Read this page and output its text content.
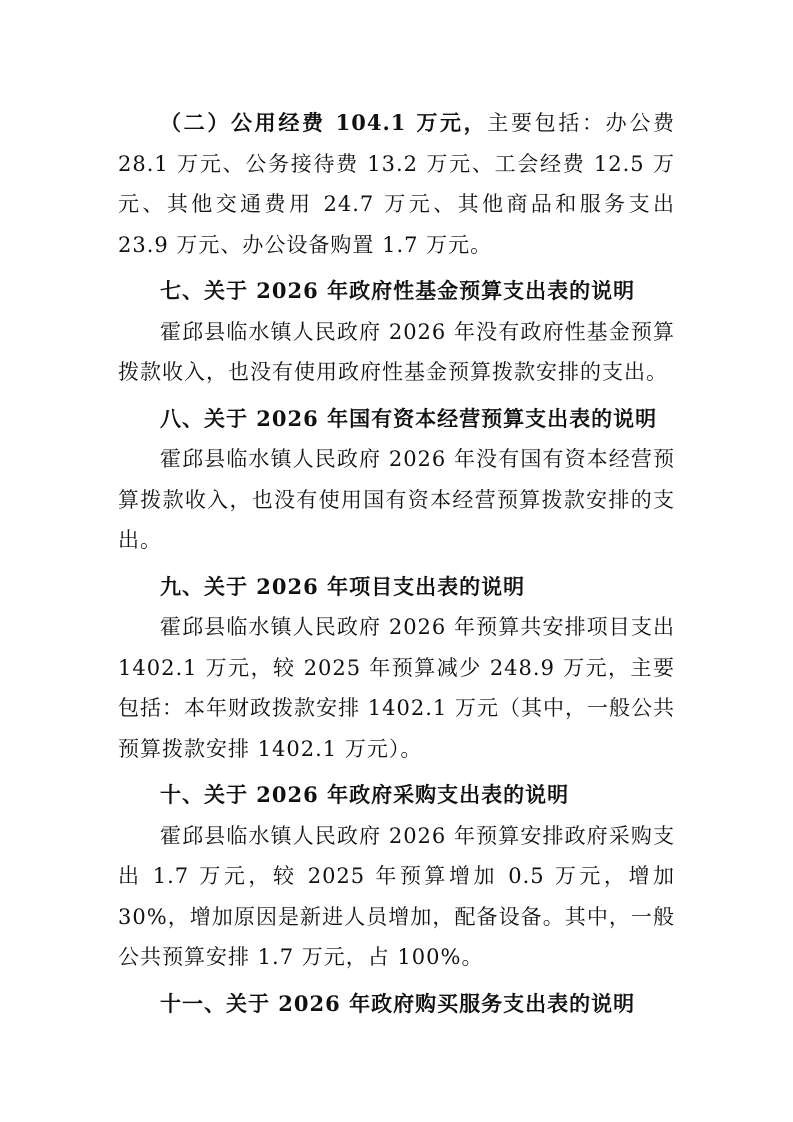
（二）公用经费 104.1 万元，主要包括：办公费 28.1 万元、公务接待费 13.2 万元、工会经费 12.5 万元、其他交通费用 24.7 万元、其他商品和服务支出 23.9 万元、办公设备购置 1.7 万元。

七、关于 2026 年政府性基金预算支出表的说明

霍邱县临水镇人民政府 2026 年没有政府性基金预算拨款收入，也没有使用政府性基金预算拨款安排的支出。

八、关于 2026 年国有资本经营预算支出表的说明

霍邱县临水镇人民政府 2026 年没有国有资本经营预算拨款收入，也没有使用国有资本经营预算拨款安排的支出。

九、关于 2026 年项目支出表的说明

霍邱县临水镇人民政府 2026 年预算共安排项目支出 1402.1 万元，较 2025 年预算减少 248.9 万元，主要包括：本年财政拨款安排 1402.1 万元（其中，一般公共预算拨款安排 1402.1 万元）。

十、关于 2026 年政府采购支出表的说明

霍邱县临水镇人民政府 2026 年预算安排政府采购支出 1.7 万元，较 2025 年预算增加 0.5 万元，增加 30%，增加原因是新进人员增加，配备设备。其中，一般公共预算安排 1.7 万元，占 100%。

十一、关于 2026 年政府购买服务支出表的说明
